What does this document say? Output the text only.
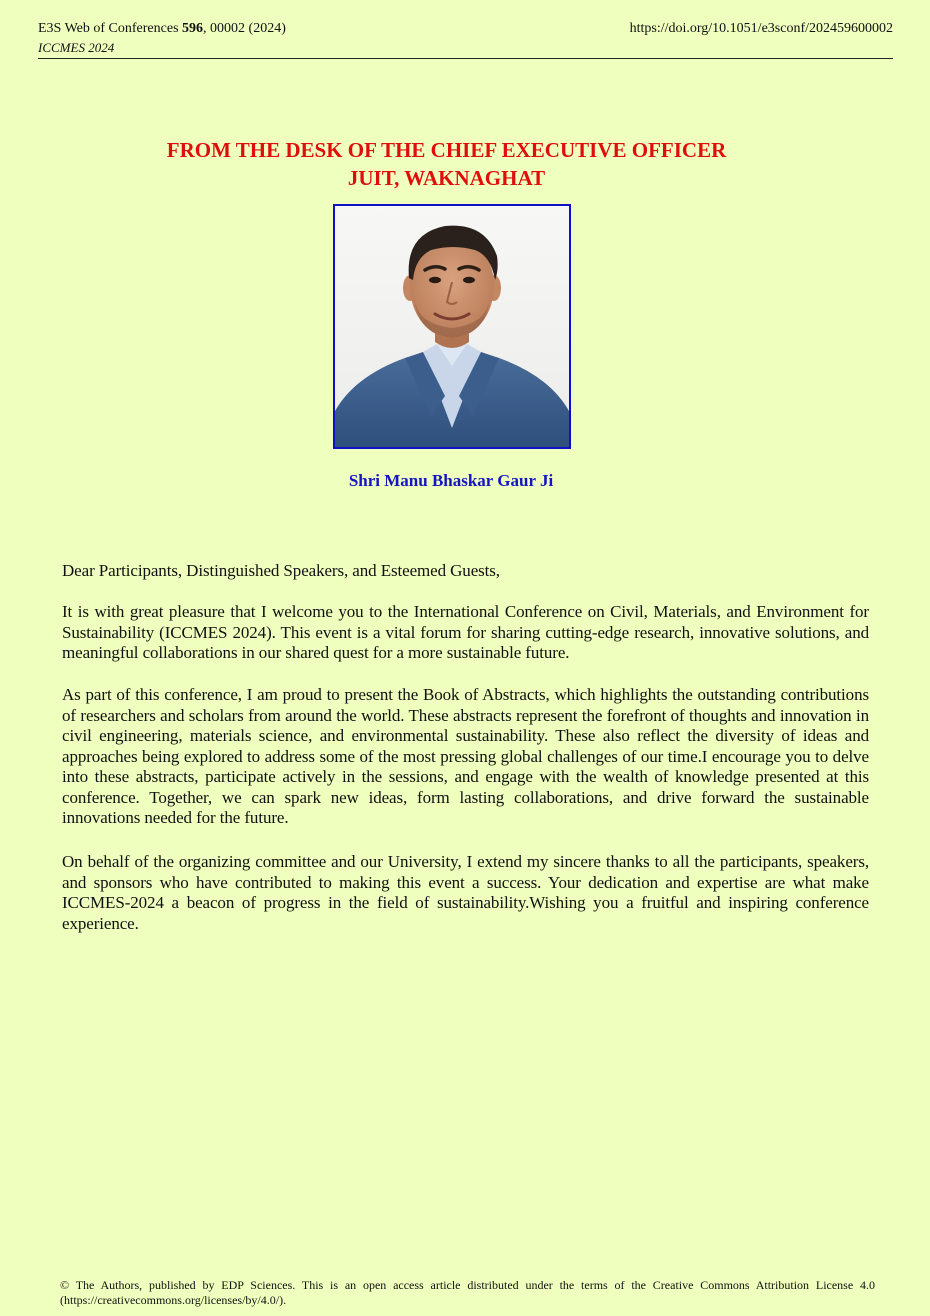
E3S Web of Conferences 596, 00002 (2024)
ICCMES 2024
https://doi.org/10.1051/e3sconf/202459600002
FROM THE DESK OF THE CHIEF EXECUTIVE OFFICER
JUIT, WAKNAGHAT
Shri Manu Bhaskar Gaur Ji
Dear Participants, Distinguished Speakers, and Esteemed Guests,
It is with great pleasure that I welcome you to the International Conference on Civil, Materials, and Environment for Sustainability (ICCMES 2024). This event is a vital forum for sharing cutting-edge research, innovative solutions, and meaningful collaborations in our shared quest for a more sustainable future.
As part of this conference, I am proud to present the Book of Abstracts, which highlights the outstanding contributions of researchers and scholars from around the world. These abstracts represent the forefront of thoughts and innovation in civil engineering, materials science, and environmental sustainability. These also reflect the diversity of ideas and approaches being explored to address some of the most pressing global challenges of our time.I encourage you to delve into these abstracts, participate actively in the sessions, and engage with the wealth of knowledge presented at this conference. Together, we can spark new ideas, form lasting collaborations, and drive forward the sustainable innovations needed for the future.
On behalf of the organizing committee and our University, I extend my sincere thanks to all the participants, speakers, and sponsors who have contributed to making this event a success. Your dedication and expertise are what make ICCMES-2024 a beacon of progress in the field of sustainability.Wishing you a fruitful and inspiring conference experience.
© The Authors, published by EDP Sciences. This is an open access article distributed under the terms of the Creative Commons Attribution License 4.0 (https://creativecommons.org/licenses/by/4.0/).
